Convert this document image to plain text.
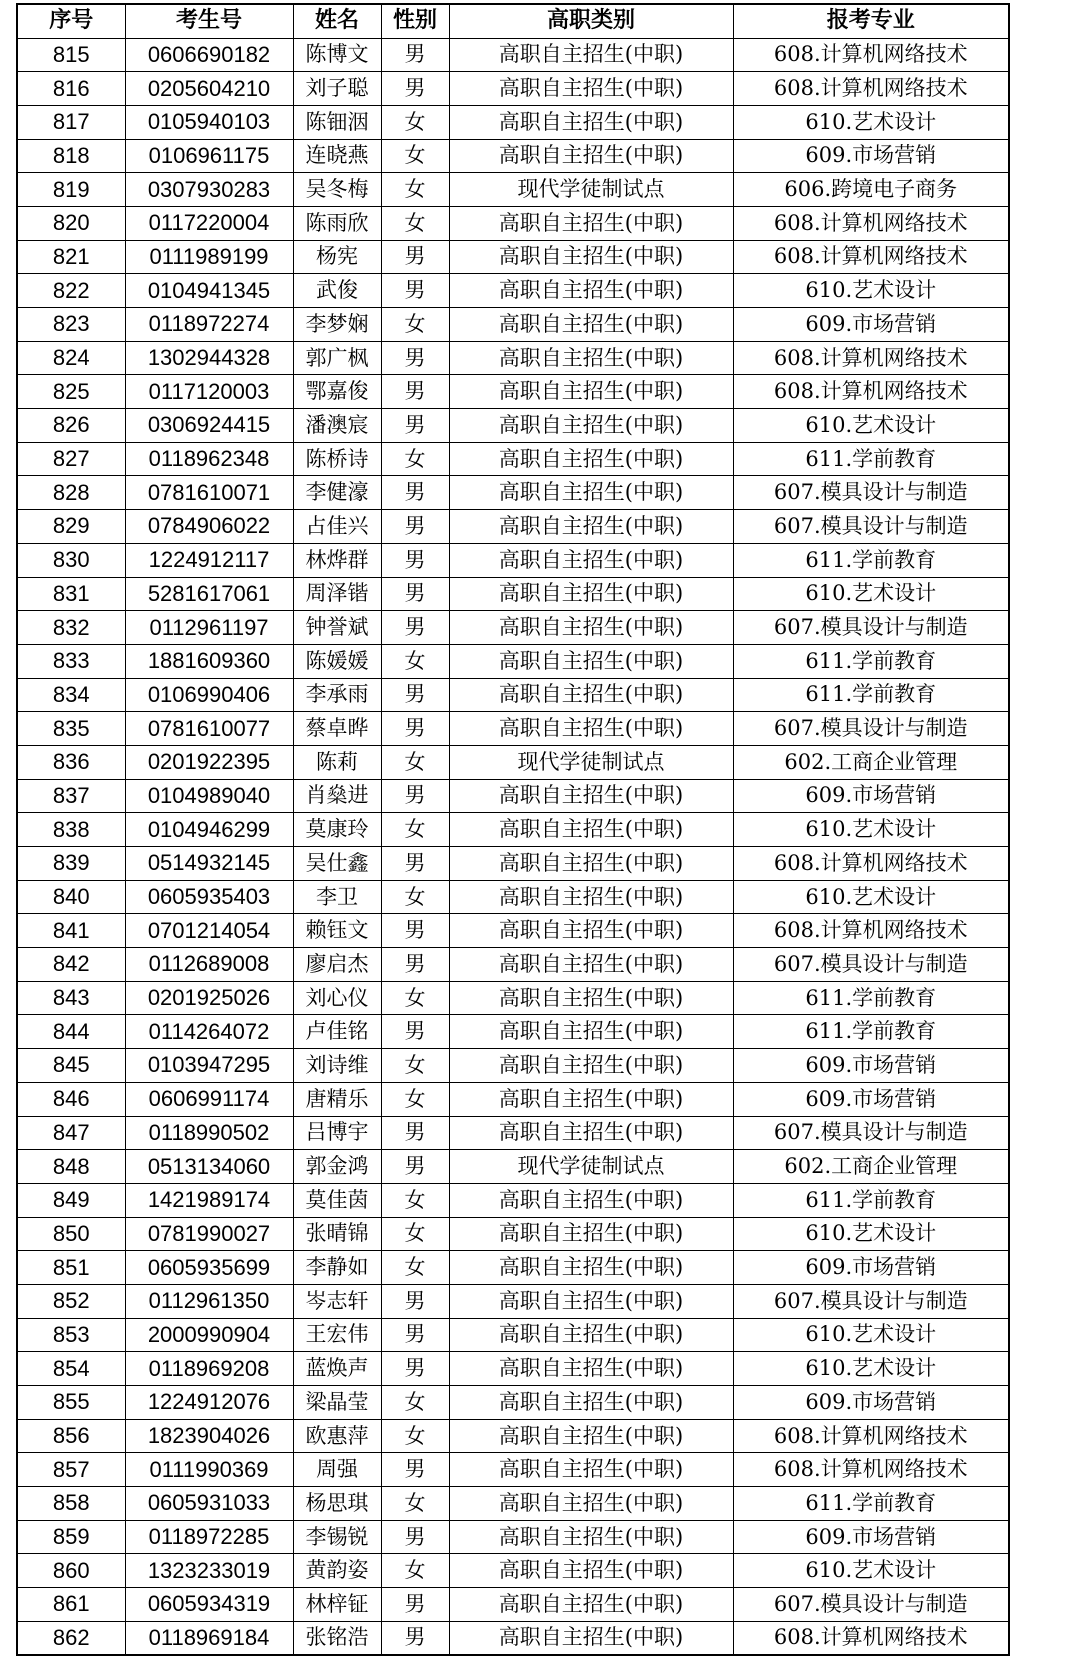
序号	考生号	姓名	性别	高职类别	报考专业
815	0606690182	陈博文	男	高职自主招生(中职)	608.计算机网络技术
816	0205604210	刘子聪	男	高职自主招生(中职)	608.计算机网络技术
817	0105940103	陈钿洇	女	高职自主招生(中职)	610.艺术设计
818	0106961175	连晓燕	女	高职自主招生(中职)	609.市场营销
819	0307930283	吴冬梅	女	现代学徒制试点	606.跨境电子商务
820	0117220004	陈雨欣	女	高职自主招生(中职)	608.计算机网络技术
821	0111989199	杨宪	男	高职自主招生(中职)	608.计算机网络技术
822	0104941345	武俊	男	高职自主招生(中职)	610.艺术设计
823	0118972274	李梦娴	女	高职自主招生(中职)	609.市场营销
824	1302944328	郭广枫	男	高职自主招生(中职)	608.计算机网络技术
825	0117120003	鄂嘉俊	男	高职自主招生(中职)	608.计算机网络技术
826	0306924415	潘澳宸	男	高职自主招生(中职)	610.艺术设计
827	0118962348	陈桥诗	女	高职自主招生(中职)	611.学前教育
828	0781610071	李健濠	男	高职自主招生(中职)	607.模具设计与制造
829	0784906022	占佳兴	男	高职自主招生(中职)	607.模具设计与制造
830	1224912117	林烨群	男	高职自主招生(中职)	611.学前教育
831	5281617061	周泽锴	男	高职自主招生(中职)	610.艺术设计
832	0112961197	钟誉斌	男	高职自主招生(中职)	607.模具设计与制造
833	1881609360	陈媛媛	女	高职自主招生(中职)	611.学前教育
834	0106990406	李承雨	男	高职自主招生(中职)	611.学前教育
835	0781610077	蔡卓晔	男	高职自主招生(中职)	607.模具设计与制造
836	0201922395	陈莉	女	现代学徒制试点	602.工商企业管理
837	0104989040	肖燊进	男	高职自主招生(中职)	609.市场营销
838	0104946299	莫康玲	女	高职自主招生(中职)	610.艺术设计
839	0514932145	吴仕鑫	男	高职自主招生(中职)	608.计算机网络技术
840	0605935403	李卫	女	高职自主招生(中职)	610.艺术设计
841	0701214054	赖钰文	男	高职自主招生(中职)	608.计算机网络技术
842	0112689008	廖启杰	男	高职自主招生(中职)	607.模具设计与制造
843	0201925026	刘心仪	女	高职自主招生(中职)	611.学前教育
844	0114264072	卢佳铭	男	高职自主招生(中职)	611.学前教育
845	0103947295	刘诗维	女	高职自主招生(中职)	609.市场营销
846	0606991174	唐精乐	女	高职自主招生(中职)	609.市场营销
847	0118990502	吕博宇	男	高职自主招生(中职)	607.模具设计与制造
848	0513134060	郭金鸿	男	现代学徒制试点	602.工商企业管理
849	1421989174	莫佳茵	女	高职自主招生(中职)	611.学前教育
850	0781990027	张晴锦	女	高职自主招生(中职)	610.艺术设计
851	0605935699	李静如	女	高职自主招生(中职)	609.市场营销
852	0112961350	岑志轩	男	高职自主招生(中职)	607.模具设计与制造
853	2000990904	王宏伟	男	高职自主招生(中职)	610.艺术设计
854	0118969208	蓝焕声	男	高职自主招生(中职)	610.艺术设计
855	1224912076	梁晶莹	女	高职自主招生(中职)	609.市场营销
856	1823904026	欧惠萍	女	高职自主招生(中职)	608.计算机网络技术
857	0111990369	周强	男	高职自主招生(中职)	608.计算机网络技术
858	0605931033	杨思琪	女	高职自主招生(中职)	611.学前教育
859	0118972285	李锡锐	男	高职自主招生(中职)	609.市场营销
860	1323233019	黄韵姿	女	高职自主招生(中职)	610.艺术设计
861	0605934319	林梓钲	男	高职自主招生(中职)	607.模具设计与制造
862	0118969184	张铭浩	男	高职自主招生(中职)	608.计算机网络技术
